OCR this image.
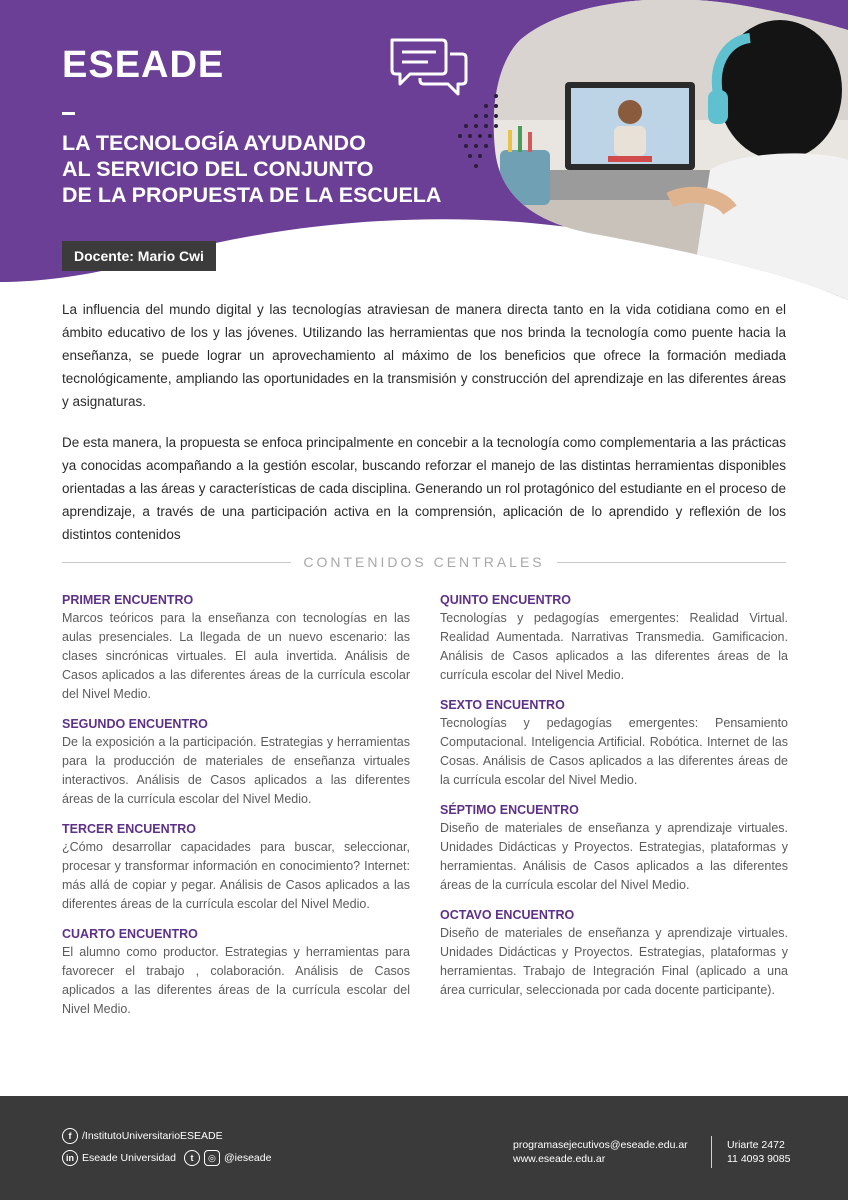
ESEADE
LA TECNOLOGÍA AYUDANDO
AL SERVICIO DEL CONJUNTO
DE LA PROPUESTA DE LA ESCUELA
Docente: Mario Cwi

La influencia del mundo digital y las tecnologías atraviesan de manera directa tanto en la vida cotidiana como en el ámbito educativo de los y las jóvenes. Utilizando las herramientas que nos brinda la tecnología como puente hacia la enseñanza, se puede lograr un aprovechamiento al máximo de los beneficios que ofrece la formación mediada tecnológicamente, ampliando las oportunidades en la transmisión y construcción del aprendizaje en las diferentes áreas y asignaturas.

De esta manera, la propuesta se enfoca principalmente en concebir a la tecnología como complementaria a las prácticas ya conocidas acompañando a la gestión escolar, buscando reforzar el manejo de las distintas herramientas disponibles orientadas a las áreas y características de cada disciplina. Generando un rol protagónico del estudiante en el proceso de aprendizaje, a través de una participación activa en la comprensión, aplicación de lo aprendido y reflexión de los distintos contenidos

CONTENIDOS CENTRALES
PRIMER ENCUENTRO

Marcos teóricos para la enseñanza con tecnologías en las aulas presenciales. La llegada de un nuevo escenario: las clases sincrónicas virtuales. El aula invertida. Análisis de Casos aplicados a las diferentes áreas de la currícula escolar del Nivel Medio.

SEGUNDO ENCUENTRO

De la exposición a la participación. Estrategias y herramientas para la producción de materiales de enseñanza virtuales interactivos. Análisis de Casos aplicados a las diferentes áreas de la currícula escolar del Nivel Medio.

TERCER ENCUENTRO

¿Cómo desarrollar capacidades para buscar, seleccionar, procesar y transformar información en conocimiento? Internet: más allá de copiar y pegar. Análisis de Casos aplicados a las diferentes áreas de la currícula escolar del Nivel Medio.

CUARTO ENCUENTRO

El alumno como productor. Estrategias y herramientas para favorecer el trabajo , colaboración. Análisis de Casos aplicados a las diferentes áreas de la currícula escolar del Nivel Medio.

QUINTO ENCUENTRO

Tecnologías y pedagogías emergentes: Realidad Virtual. Realidad Aumentada. Narrativas Transmedia. Gamificacion. Análisis de Casos aplicados a las diferentes áreas de la currícula escolar del Nivel Medio.

SEXTO ENCUENTRO

Tecnologías y pedagogías emergentes: Pensamiento Computacional. Inteligencia Artificial. Robótica. Internet de las Cosas. Análisis de Casos aplicados a las diferentes áreas de la currícula escolar del Nivel Medio.

SÉPTIMO ENCUENTRO

Diseño de materiales de enseñanza y aprendizaje virtuales. Unidades Didácticas y Proyectos. Estrategias, plataformas y herramientas. Análisis de Casos aplicados a las diferentes áreas de la currícula escolar del Nivel Medio.

OCTAVO ENCUENTRO

Diseño de materiales de enseñanza y aprendizaje virtuales. Unidades Didácticas y Proyectos. Estrategias, plataformas y herramientas. Trabajo de Integración Final (aplicado a una área curricular, seleccionada por cada docente participante).

f	/InstitutoUniversitarioESEADE
in Eseade Universidad	t	◎ @ieseade
programasejecutivos@eseade.edu.ar
www.eseade.edu.ar
Uriarte 2472
11 4093 9085
